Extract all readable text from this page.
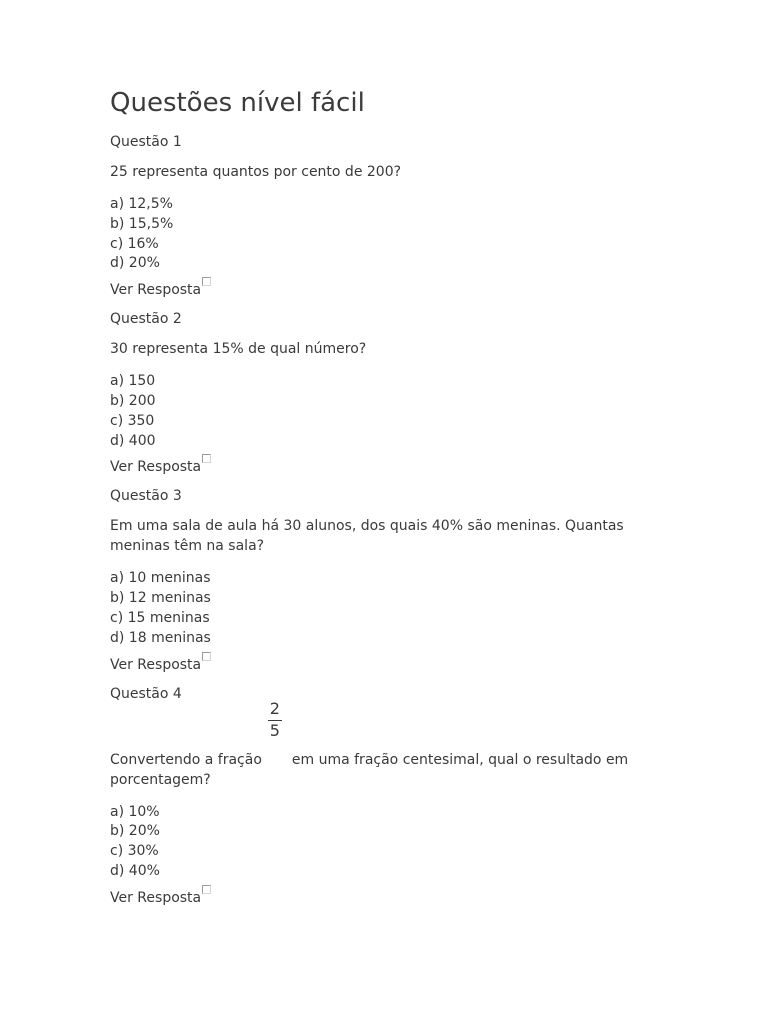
Questões nível fácil
Questão 1
25 representa quantos por cento de 200?
a) 12,5%
b) 15,5%
c) 16%
d) 20%
Ver Resposta
Questão 2
30 representa 15% de qual número?
a) 150
b) 200
c) 350
d) 400
Ver Resposta
Questão 3
Em uma sala de aula há 30 alunos, dos quais 40% são meninas. Quantas meninas têm na sala?
a) 10 meninas
b) 12 meninas
c) 15 meninas
d) 18 meninas
Ver Resposta
Questão 4
Convertendo a fração $\frac{2}{5}$ em uma fração centesimal, qual o resultado em porcentagem?
a) 10%
b) 20%
c) 30%
d) 40%
Ver Resposta
